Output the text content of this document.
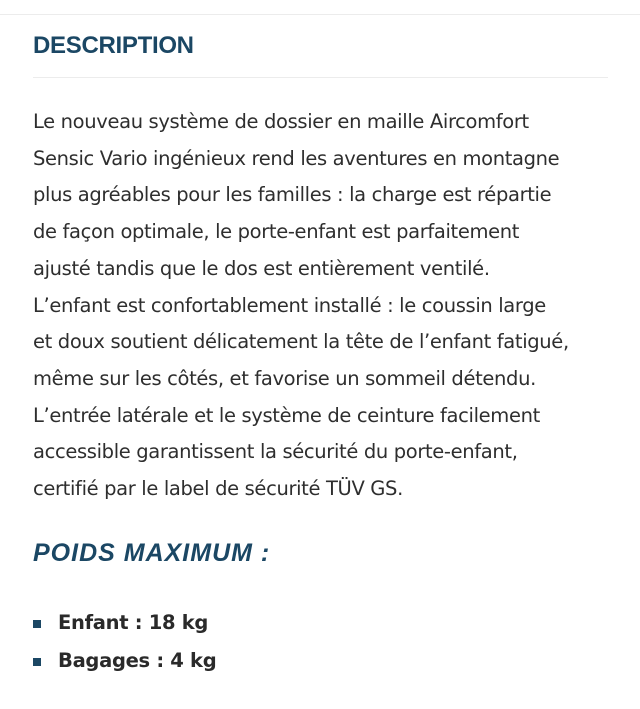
DESCRIPTION

Le nouveau système de dossier en maille Aircomfort
Sensic Vario ingénieux rend les aventures en montagne
plus agréables pour les familles : la charge est répartie
de façon optimale, le porte-enfant est parfaitement
ajusté tandis que le dos est entièrement ventilé.
L’enfant est confortablement installé : le coussin large
et doux soutient délicatement la tête de l’enfant fatigué,
même sur les côtés, et favorise un sommeil détendu.
L’entrée latérale et le système de ceinture facilement
accessible garantissent la sécurité du porte-enfant,
certifié par le label de sécurité TÜV GS.

POIDS MAXIMUM :
Enfant : 18 kg
Bagages : 4 kg
